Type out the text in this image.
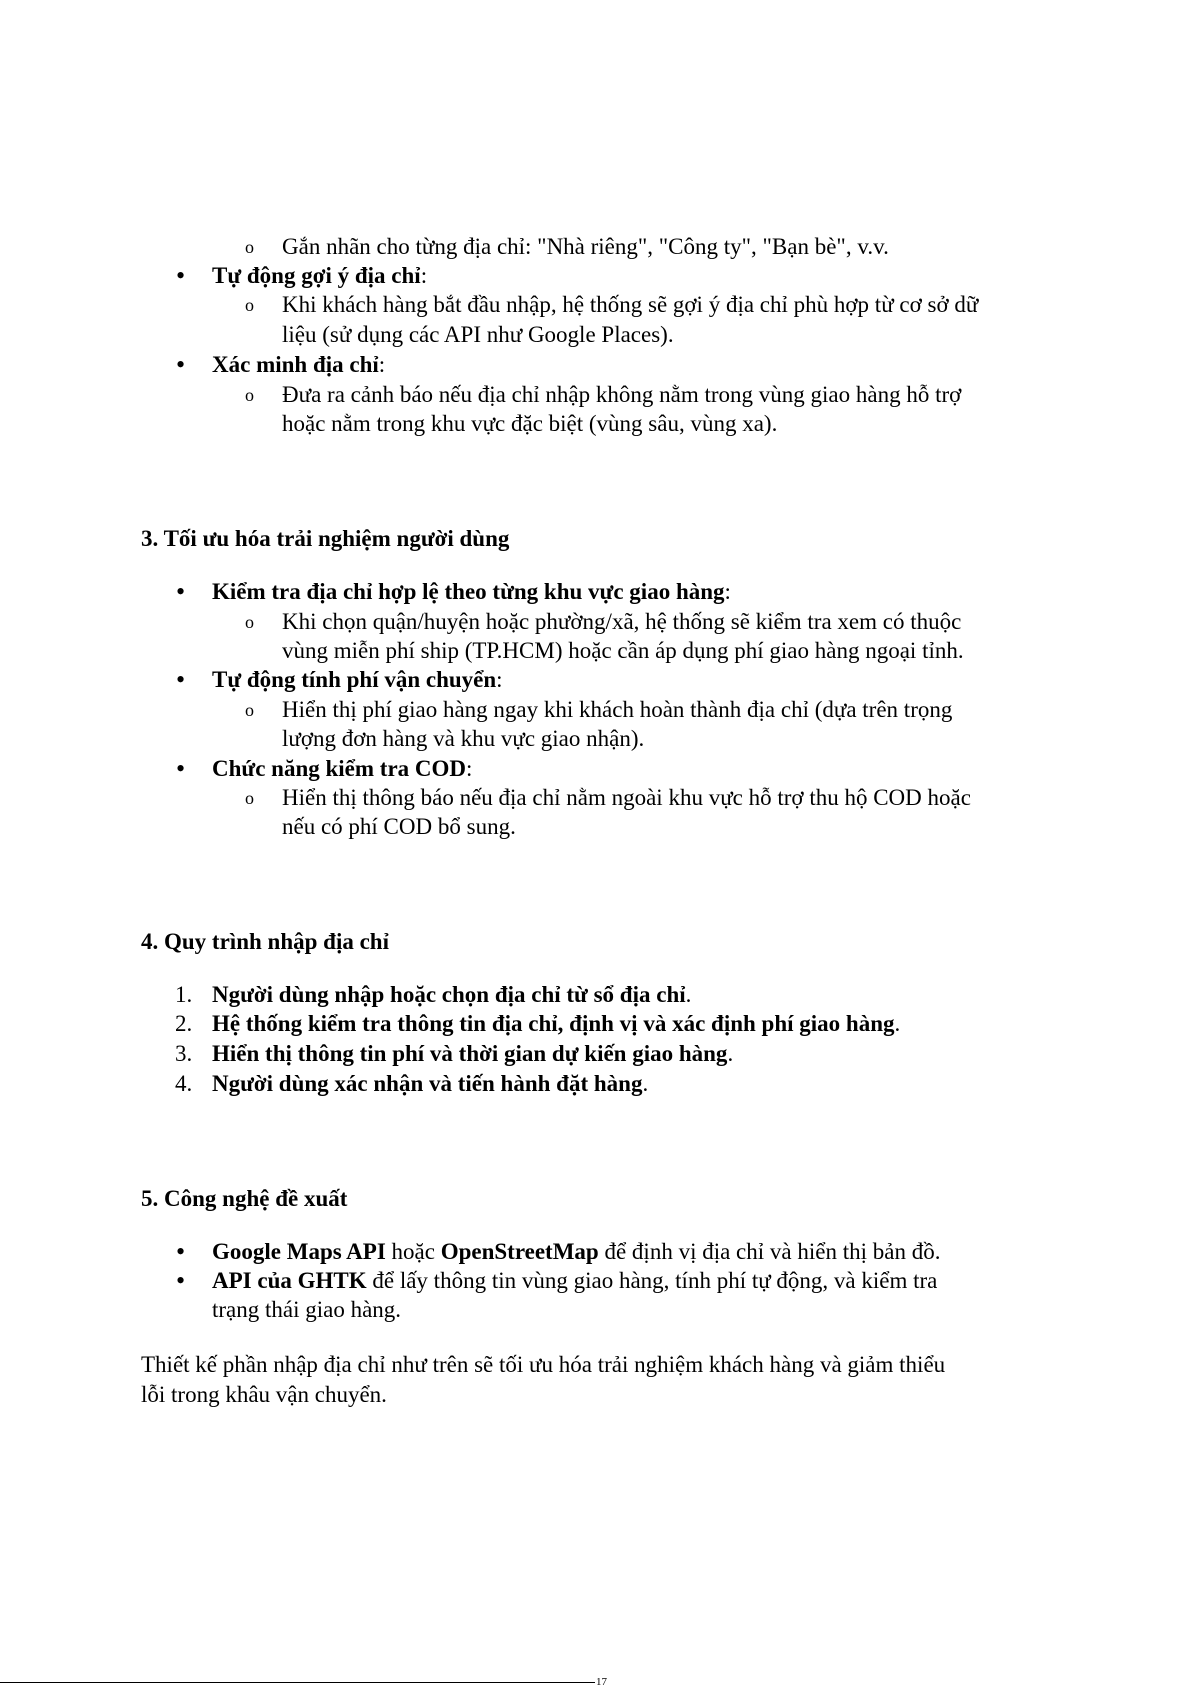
o Gắn nhãn cho từng địa chỉ: "Nhà riêng", "Công ty", "Bạn bè", v.v.
• Tự động gợi ý địa chỉ:
o Khi khách hàng bắt đầu nhập, hệ thống sẽ gợi ý địa chỉ phù hợp từ cơ sở dữ
liệu (sử dụng các API như Google Places).
• Xác minh địa chỉ:
o Đưa ra cảnh báo nếu địa chỉ nhập không nằm trong vùng giao hàng hỗ trợ
hoặc nằm trong khu vực đặc biệt (vùng sâu, vùng xa).
3. Tối ưu hóa trải nghiệm người dùng
• Kiểm tra địa chỉ hợp lệ theo từng khu vực giao hàng:
o Khi chọn quận/huyện hoặc phường/xã, hệ thống sẽ kiểm tra xem có thuộc
vùng miễn phí ship (TP.HCM) hoặc cần áp dụng phí giao hàng ngoại tỉnh.
• Tự động tính phí vận chuyển:
o Hiển thị phí giao hàng ngay khi khách hoàn thành địa chỉ (dựa trên trọng
lượng đơn hàng và khu vực giao nhận).
• Chức năng kiểm tra COD:
o Hiển thị thông báo nếu địa chỉ nằm ngoài khu vực hỗ trợ thu hộ COD hoặc
nếu có phí COD bổ sung.
4. Quy trình nhập địa chỉ
1. Người dùng nhập hoặc chọn địa chỉ từ sổ địa chỉ.
2. Hệ thống kiểm tra thông tin địa chỉ, định vị và xác định phí giao hàng.
3. Hiển thị thông tin phí và thời gian dự kiến giao hàng.
4. Người dùng xác nhận và tiến hành đặt hàng.
5. Công nghệ đề xuất
• Google Maps API hoặc OpenStreetMap để định vị địa chỉ và hiển thị bản đồ.
• API của GHTK để lấy thông tin vùng giao hàng, tính phí tự động, và kiểm tra
trạng thái giao hàng.
Thiết kế phần nhập địa chỉ như trên sẽ tối ưu hóa trải nghiệm khách hàng và giảm thiểu
lỗi trong khâu vận chuyển.
17
